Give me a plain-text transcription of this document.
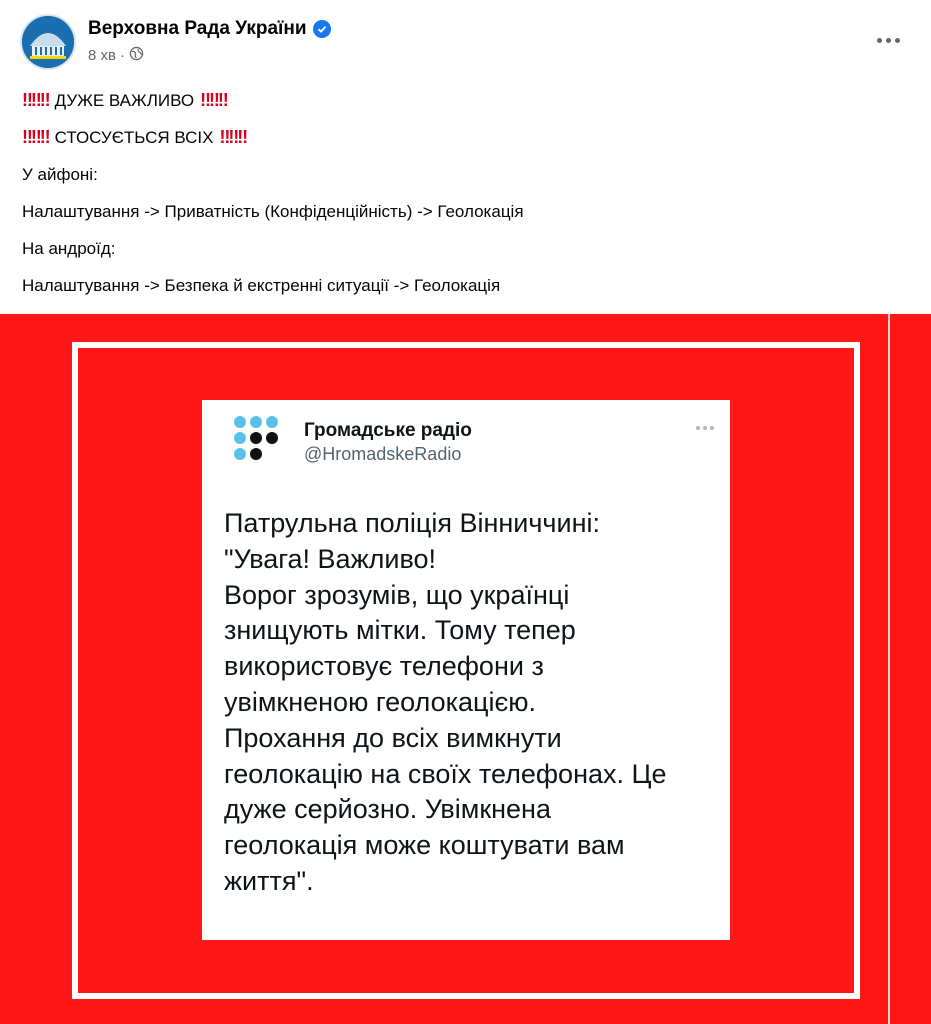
Верховна Рада України
8 хв ·
‼‼‼ ДУЖЕ ВАЖЛИВО ‼‼‼
‼‼‼ СТОСУЄТЬСЯ ВСІХ ‼‼‼
У айфоні:
Налаштування -> Приватність (Конфіденційність) -> Геолокація
На андроїд:
Налаштування -> Безпека й екстренні ситуації -> Геолокація
Громадське радіо
@HromadskeRadio
Патрульна поліція Вінниччині:
"Увага! Важливо!
Ворог зрозумів, що українці
знищують мітки. Тому тепер
використовує телефони з
увімкненою геолокацією.
Прохання до всіх вимкнути
геолокацію на своїх телефонах. Це
дуже серйозно. Увімкнена
геолокація може коштувати вам
життя".
